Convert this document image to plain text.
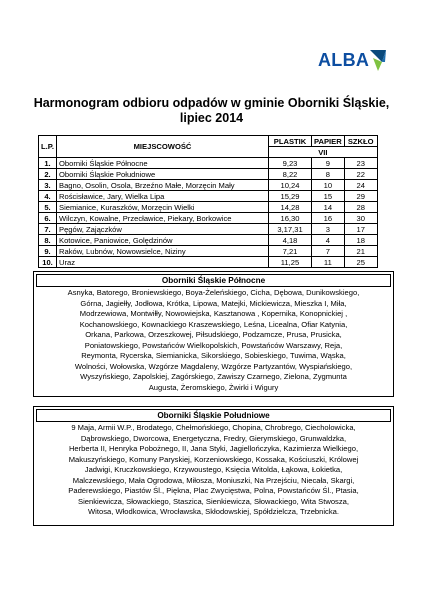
ALBA
Harmonogram odbioru odpadów w gminie Oborniki Śląskie,
lipiec 2014
L.P.	MIEJSCOWOŚĆ	PLASTIK	PAPIER	SZKŁO
		VII		
1.	Oborniki Śląskie Północne	9,23	9	23
2.	Oborniki Śląskie Południowe	8,22	8	22
3.	Bagno, Osolin, Osola, Brzeźno Małe, Morzęcin Mały	10,24	10	24
4.	Rościsławice, Jary, Wielka Lipa	15,29	15	29
5.	Siemianice, Kuraszków, Morzęcin Wielki	14,28	14	28
6.	Wilczyn, Kowalne, Przecławice, Piekary, Borkowice	16,30	16	30
7.	Pęgów, Zajączków	3,17,31	3	17
8.	Kotowice, Paniowice, Golędzinów	4,18	4	18
9.	Raków, Lubnów, Nowowsielce, Niziny	7,21	7	21
10.	Uraz	11,25	11	25
Oborniki Śląskie Północne
Asnyka, Batorego, Broniewskiego, Boya-Żeleńskiego, Cicha, Dębowa, Dunikowskiego,
Górna, Jagiełły, Jodłowa, Krótka, Lipowa, Matejki, Mickiewicza, Mieszka I, Miła,
Modrzewiowa, Montwiłły, Nowowiejska, Kasztanowa , Kopernika, Konopnickiej ,
Kochanowskiego, Kownackiego Kraszewskiego, Leśna, Licealna, Ofiar Katynia,
Orkana, Parkowa, Orzeszkowej, Piłsudskiego, Podzamcze, Prusa, Prusicka,
Poniatowskiego, Powstańców Wielkopolskich, Powstańców Warszawy, Reja,
Reymonta, Rycerska, Siemianicka, Sikorskiego, Sobieskiego, Tuwima, Wąska,
Wolności, Wołowska, Wzgórze Magdaleny, Wzgórze Partyzantów, Wyspiańskiego,
Wyszyńskiego, Zapolskiej, Zagórskiego, Zawiszy Czarnego, Zielona, Zygmunta
Augusta, Żeromskiego, Żwirki i Wigury
Oborniki Śląskie Południowe
9 Maja, Armii W.P., Brodatego, Chełmońskiego, Chopina, Chrobrego, Ciecholowicka,
Dąbrowskiego, Dworcowa, Energetyczna, Fredry, Gierymskiego, Grunwaldzka,
Herberta II, Henryka Pobożnego, II, Jana Styki, Jagiellończyka, Kazimierza Wielkiego,
Makuszyńskiego, Komuny Paryskiej, Korzeniowskiego, Kossaka, Kościuszki, Królowej
Jadwigi, Kruczkowskiego, Krzywoustego, Księcia Witolda, Łąkowa, Łokietka,
Malczewskiego, Mała Ogrodowa, Miłosza, Moniuszki, Na Przejściu, Niecała, Skargi,
Paderewskiego, Piastów Śl., Piękna, Plac Zwycięstwa, Polna, Powstańców Śl., Ptasia,
Sienkiewicza, Słowackiego, Staszica, Sienkiewicza, Słowackiego, Wita Stwosza,
Witosa, Włodkowica, Wrocławska, Skłodowskiej, Spółdzielcza, Trzebnicka.
